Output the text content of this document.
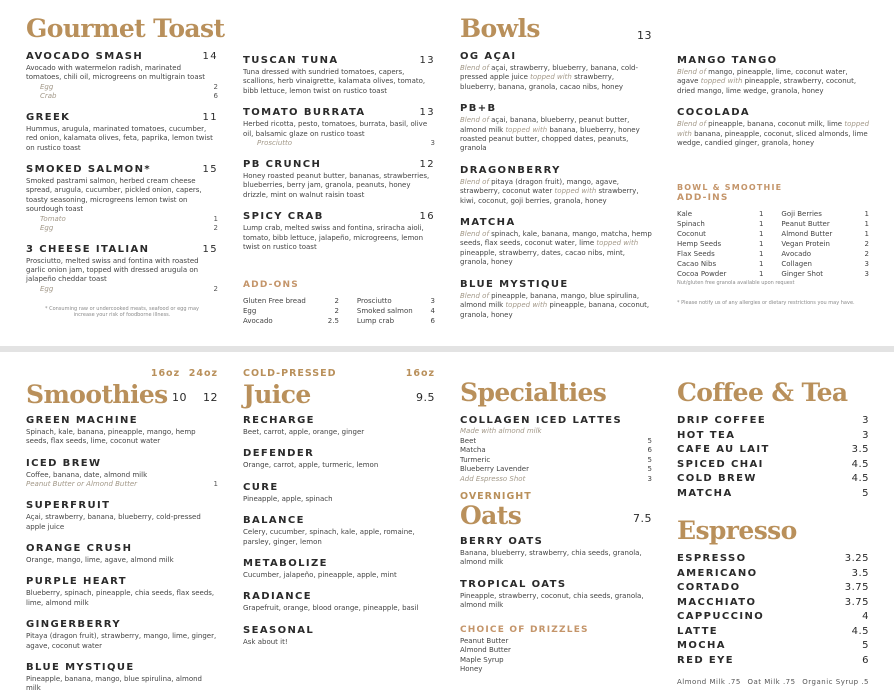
Gourmet Toast
AVOCADO SMASH	14
Avocado with watermelon radish, marinated tomatoes, chili oil, microgreens on multigrain toast
Egg	2
Crab	6
GREEK	11
Hummus, arugula, marinated tomatoes, cucumber, red onion, kalamata olives, feta, paprika, lemon twist on rustico toast
SMOKED SALMON*	15
Smoked pastrami salmon, herbed cream cheese spread, arugula, cucumber, pickled onion, capers, toasty seasoning, microgreens lemon twist on sourdough toast
Tomato	1
Egg	2
3 CHEESE ITALIAN	15
Prosciutto, melted swiss and fontina with roasted garlic onion jam, topped with dressed arugula on jalapeño cheddar toast
Egg	2
* Consuming raw or undercooked meats, seafood or egg may increase your risk of foodborne illness.
TUSCAN TUNA	13
Tuna dressed with sundried tomatoes, capers, scallions, herb vinaigrette, kalamata olives, tomato, bibb lettuce, lemon twist on rustico toast
TOMATO BURRATA	13
Herbed ricotta, pesto, tomatoes, burrata, basil, olive oil, balsamic glaze on rustico toast
Prosciutto	3
PB CRUNCH	12
Honey roasted peanut butter, bananas, strawberries, blueberries, berry jam, granola, peanuts, honey drizzle, mint on walnut raisin toast
SPICY CRAB	16
Lump crab, melted swiss and fontina, sriracha aioli, tomato, bibb lettuce, jalapeño, microgreens, lemon twist on rustico toast
ADD-ONS
Gluten Free bread	2	Prosciutto	3
Egg	2	Smoked salmon	4
Avocado	2.5	Lump crab	6
Bowls	13
OG AÇAI
Blend of açai, strawberry, blueberry, banana, cold-pressed apple juice topped with strawberry, blueberry, banana, granola, cacao nibs, honey
PB+B
Blend of açai, banana, blueberry, peanut butter, almond milk topped with banana, blueberry, honey roasted peanut butter, chopped dates, peanuts, granola
DRAGONBERRY
Blend of pitaya (dragon fruit), mango, agave, strawberry, coconut water topped with strawberry, kiwi, coconut, goji berries, granola, honey
MATCHA
Blend of spinach, kale, banana, mango, matcha, hemp seeds, flax seeds, coconut water, lime topped with pineapple, strawberry, dates, cacao nibs, mint, granola, honey
BLUE MYSTIQUE
Blend of pineapple, banana, mango, blue spirulina, almond milk topped with pineapple, banana, coconut, granola, honey
MANGO TANGO
Blend of mango, pineapple, lime, coconut water, agave topped with pineapple, strawberry, coconut, dried mango, lime wedge, granola, honey
COCOLADA
Blend of pineapple, banana, coconut milk, lime topped with banana, pineapple, coconut, sliced almonds, lime wedge, candied ginger, granola, honey
BOWL & SMOOTHIE
ADD-INS
Kale	1	Goji Berries	1
Spinach	1	Peanut Butter	1
Coconut	1	Almond Butter	1
Hemp Seeds	1	Vegan Protein	2
Flax Seeds	1	Avocado	2
Cacao Nibs	1	Collagen	3
Cocoa Powder	1	Ginger Shot	3
Nut/gluten free granola available upon request
* Please notify us of any allergies or dietary restrictions you may have.
16oz  24oz
Smoothies 10 12
GREEN MACHINE
Spinach, kale, banana, pineapple, mango, hemp seeds, flax seeds, lime, coconut water
ICED BREW
Coffee, banana, date, almond milk
Peanut Butter or Almond Butter	1
SUPERFRUIT
Açai, strawberry, banana, blueberry, cold-pressed apple juice
ORANGE CRUSH
Orange, mango, lime, agave, almond milk
PURPLE HEART
Blueberry, spinach, pineapple, chia seeds, flax seeds, lime, almond milk
GINGERBERRY
Pitaya (dragon fruit), strawberry, mango, lime, ginger, agave, coconut water
BLUE MYSTIQUE
Pineapple, banana, mango, blue spirulina, almond milk
COLD-PRESSED	16oz
Juice	9.5
RECHARGE
Beet, carrot, apple, orange, ginger
DEFENDER
Orange, carrot, apple, turmeric, lemon
CURE
Pineapple, apple, spinach
BALANCE
Celery, cucumber, spinach, kale, apple, romaine, parsley, ginger, lemon
METABOLIZE
Cucumber, jalapeño, pineapple, apple, mint
RADIANCE
Grapefruit, orange, blood orange, pineapple, basil
SEASONAL
Ask about it!
Specialties
COLLAGEN ICED LATTES
Made with almond milk
Beet	5
Matcha	6
Turmeric	5
Blueberry Lavender	5
Add Espresso Shot	3
OVERNIGHT
Oats	7.5
BERRY OATS
Banana, blueberry, strawberry, chia seeds, granola, almond milk
TROPICAL OATS
Pineapple, strawberry, coconut, chia seeds, granola, almond milk
CHOICE OF DRIZZLES
Peanut Butter
Almond Butter
Maple Syrup
Honey
Coffee & Tea
DRIP COFFEE	3
HOT TEA	3
CAFE AU LAIT	3.5
SPICED CHAI	4.5
COLD BREW	4.5
MATCHA	5
Espresso
ESPRESSO	3.25
AMERICANO	3.5
CORTADO	3.75
MACCHIATO	3.75
CAPPUCCINO	4
LATTE	4.5
MOCHA	5
RED EYE	6
Almond Milk .75 Oat Milk .75 Organic Syrup .5
